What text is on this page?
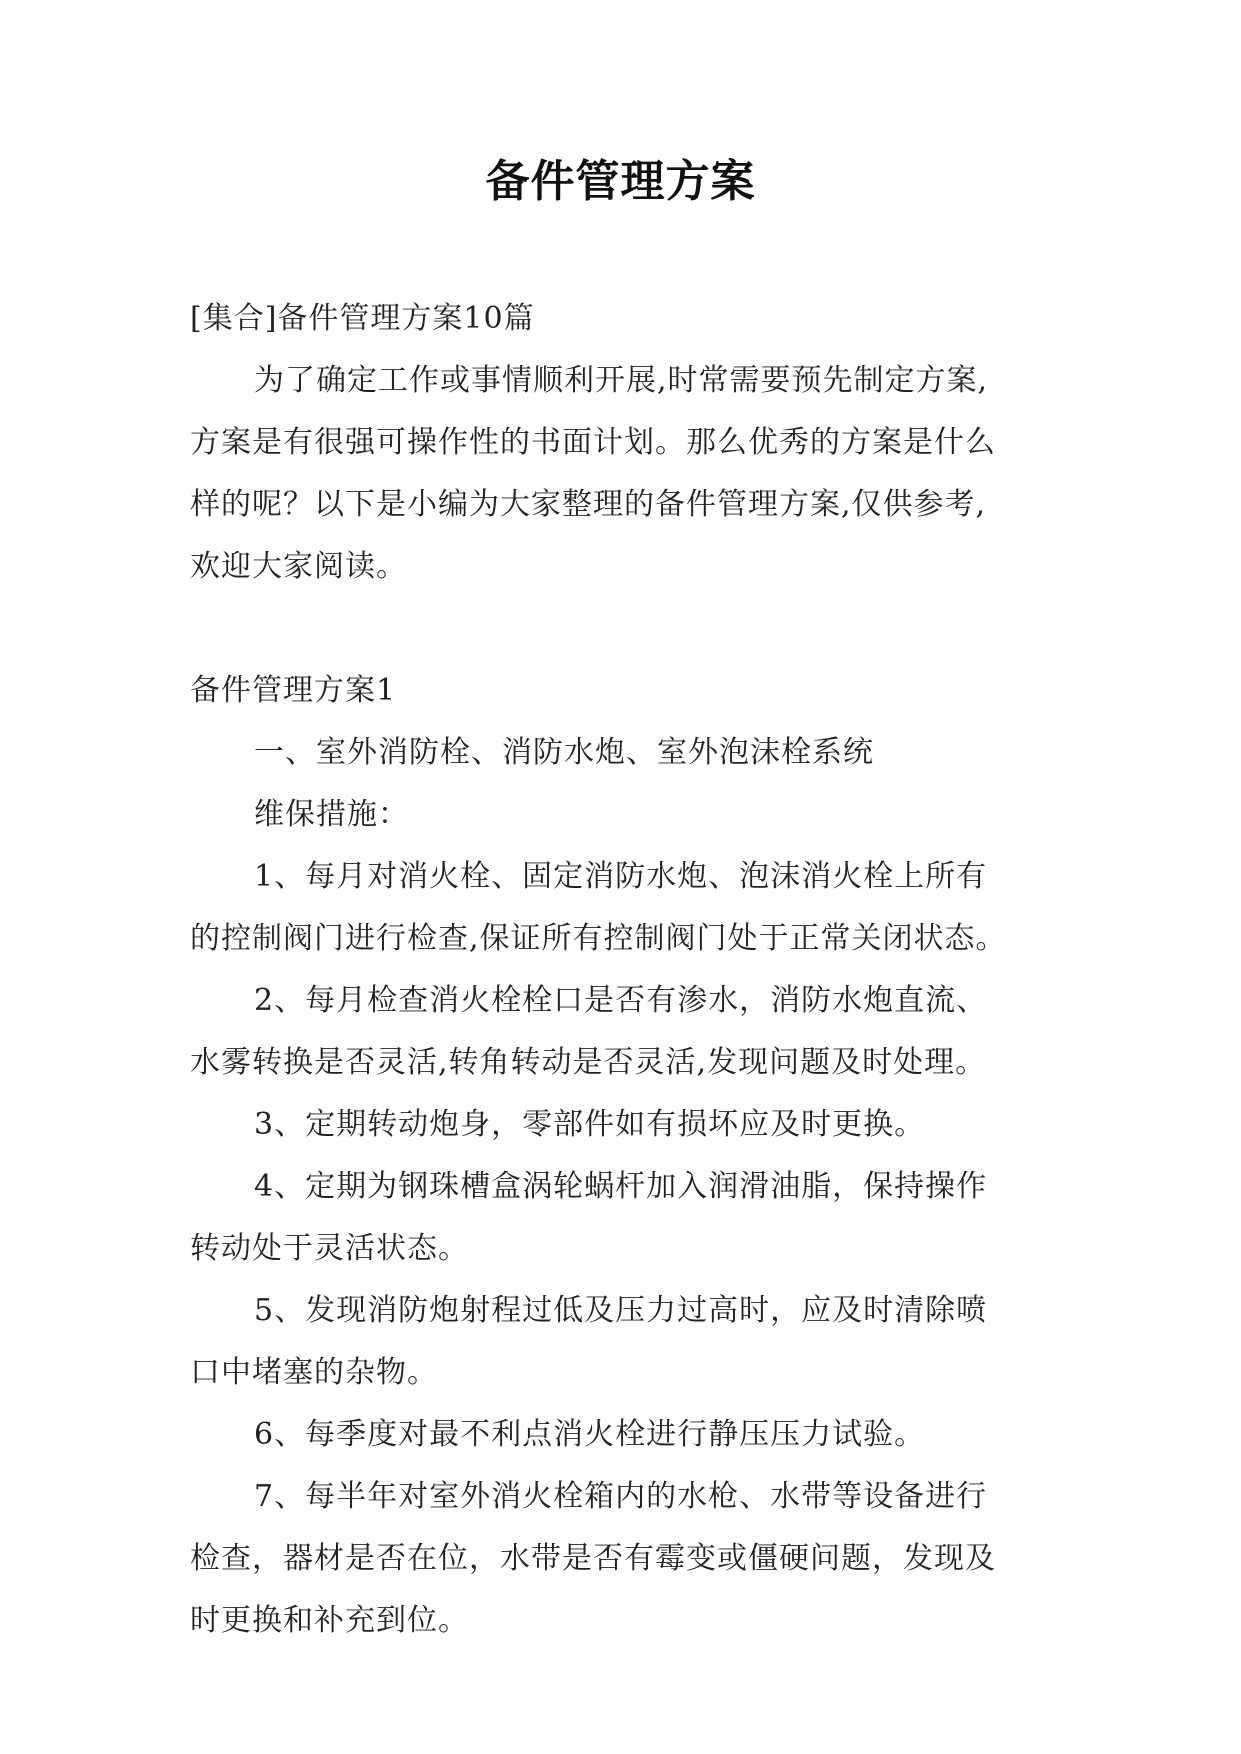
备件管理方案
[集合]备件管理方案10篇
为了确定工作或事情顺利开展,时常需要预先制定方案,
方案是有很强可操作性的书面计划。那么优秀的方案是什么
样的呢？以下是小编为大家整理的备件管理方案,仅供参考,
欢迎大家阅读。
备件管理方案1
一、室外消防栓、消防水炮、室外泡沫栓系统
维保措施：
1、每月对消火栓、固定消防水炮、泡沫消火栓上所有
的控制阀门进行检查,保证所有控制阀门处于正常关闭状态。
2、每月检查消火栓栓口是否有渗水，消防水炮直流、
水雾转换是否灵活,转角转动是否灵活,发现问题及时处理。
3、定期转动炮身，零部件如有损坏应及时更换。
4、定期为钢珠槽盒涡轮蜗杆加入润滑油脂，保持操作
转动处于灵活状态。
5、发现消防炮射程过低及压力过高时，应及时清除喷
口中堵塞的杂物。
6、每季度对最不利点消火栓进行静压压力试验。
7、每半年对室外消火栓箱内的水枪、水带等设备进行
检查，器材是否在位，水带是否有霉变或僵硬问题，发现及
时更换和补充到位。
